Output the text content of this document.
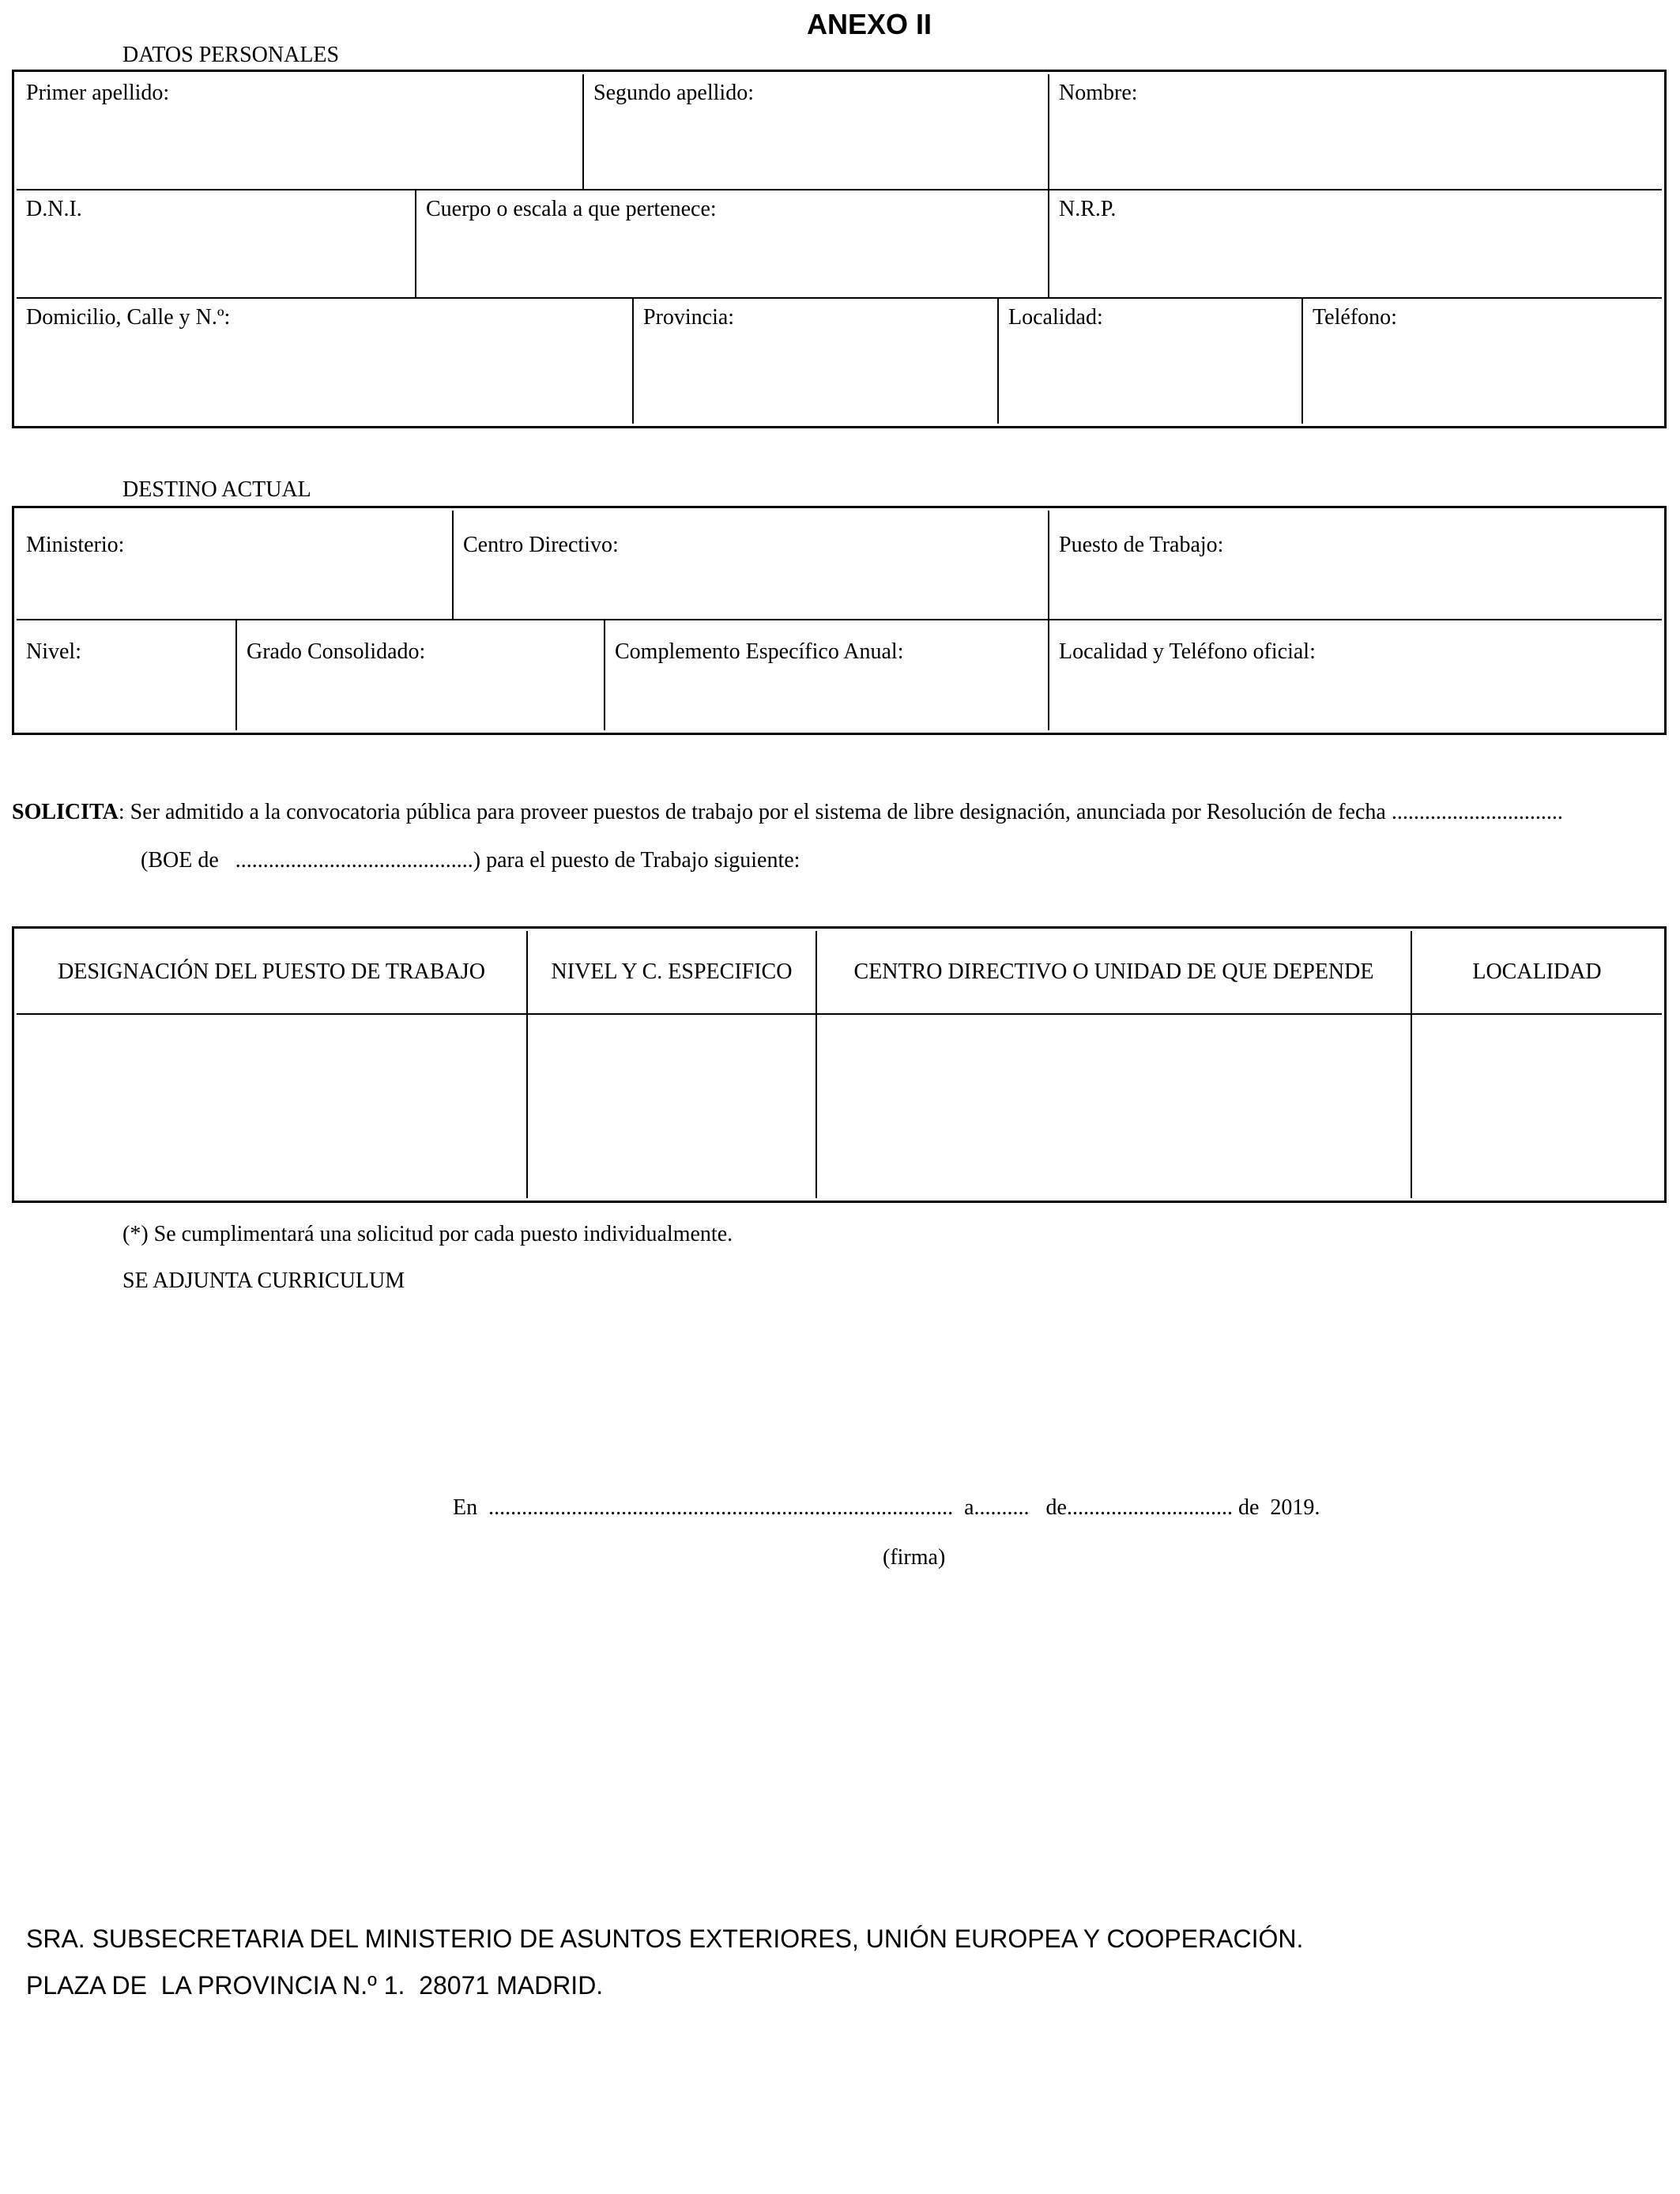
ANEXO II
DATOS PERSONALES
Primer apellido:	Segundo apellido:	Nombre:
D.N.I.	Cuerpo o escala a que pertenece:	N.R.P.
Domicilio, Calle y N.º:	Provincia:	Localidad:	Teléfono:
DESTINO ACTUAL
Ministerio:	Centro Directivo:	Puesto de Trabajo:
Nivel:	Grado Consolidado:	Complemento Específico Anual:	Localidad y Teléfono oficial:
SOLICITA: Ser admitido a la convocatoria pública para proveer puestos de trabajo por el sistema de libre designación, anunciada por Resolución de fecha ...............................
(BOE de   ...........................................) para el puesto de Trabajo siguiente:
DESIGNACIÓN DEL PUESTO DE TRABAJO	NIVEL Y C. ESPECIFICO	CENTRO DIRECTIVO O UNIDAD DE QUE DEPENDE	LOCALIDAD

(*) Se cumplimentará una solicitud por cada puesto individualmente.
SE ADJUNTA CURRICULUM
En  ....................................................................................  a..........   de.............................. de  2019.
(firma)
SRA. SUBSECRETARIA DEL MINISTERIO DE ASUNTOS EXTERIORES, UNIÓN EUROPEA Y COOPERACIÓN.
PLAZA DE  LA PROVINCIA N.º 1.  28071 MADRID.
